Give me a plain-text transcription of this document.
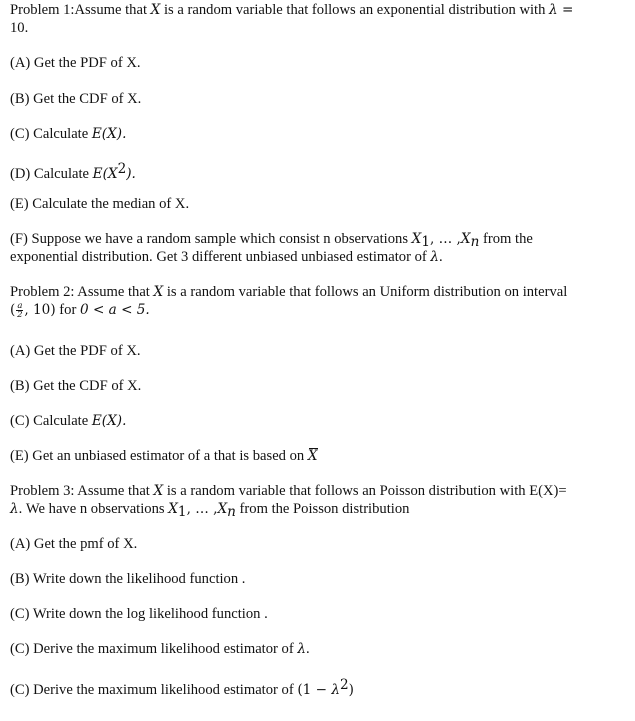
Problem 1:Assume that X is a random variable that follows an exponential distribution with λ =
10.
(A) Get the PDF of X.
(B) Get the CDF of X.
(C) Calculate E(X).
(D) Calculate $E(X^2)$.
(E) Calculate the median of X.
(F) Suppose we have a random sample which consist n observations $X_1$, … $,X_n$ from the
exponential distribution. Get 3 different unbiased unbiased estimator of λ.
Problem 2: Assume that X is a random variable that follows an Uniform distribution on interval
( $\frac{a}{2}$ , 10) for 0 < a < 5.
(A) Get the PDF of X.
(B) Get the CDF of X.
(C) Calculate E(X).
(E) Get an unbiased estimator of a that is based on X
Problem 3: Assume that X is a random variable that follows an Poisson distribution with E(X)=
λ. We have n observations $X_1$, … $,X_n$ from the Poisson distribution
(A) Get the pmf of X.
(B) Write down the likelihood function .
(C) Write down the log likelihood function .
(C) Derive the maximum likelihood estimator of λ.
(C) Derive the maximum likelihood estimator of $(1 - \lambda^2)$
